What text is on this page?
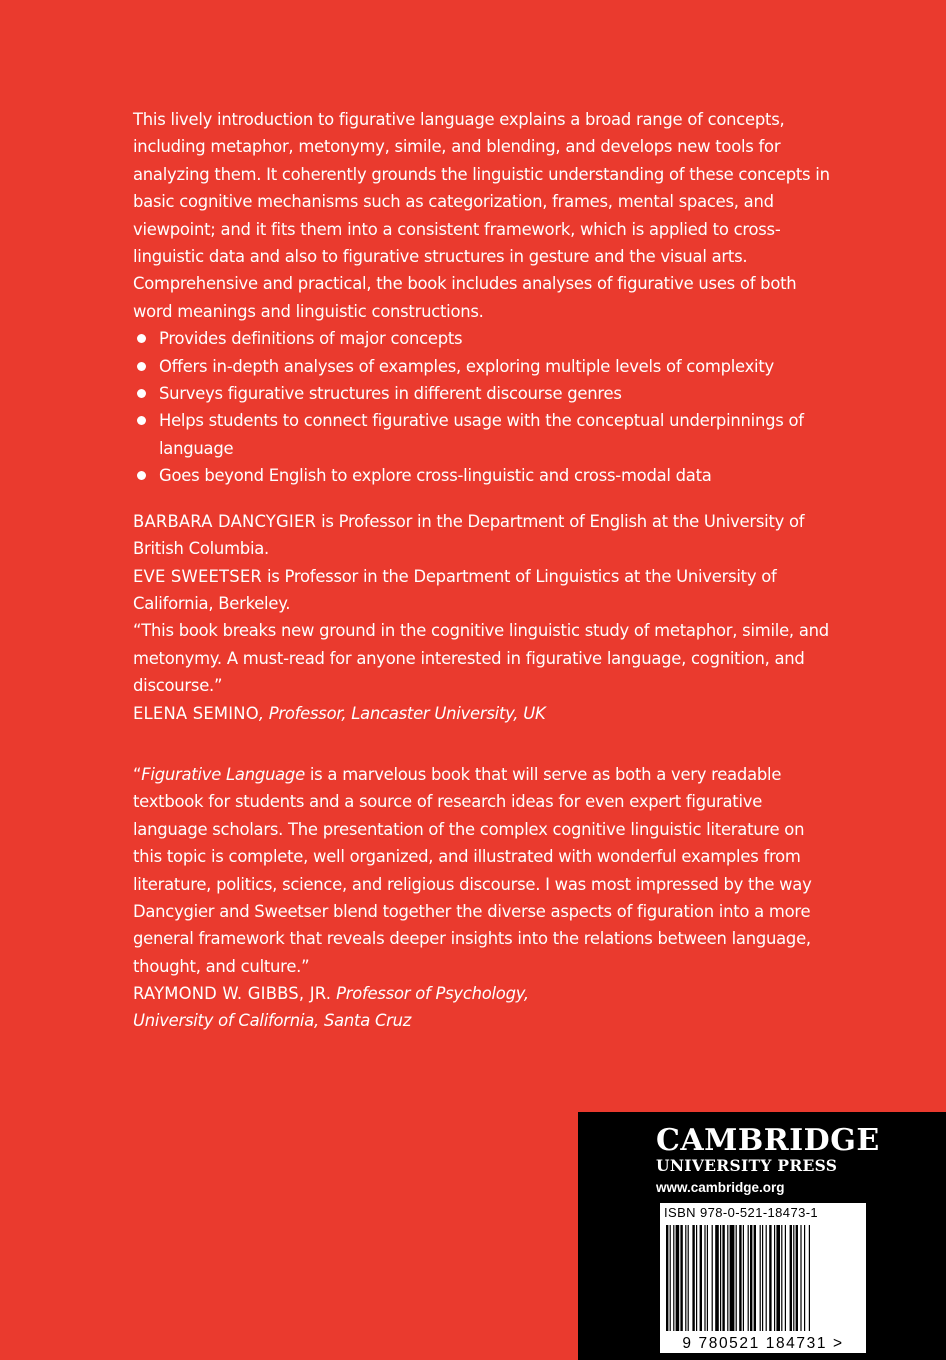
This lively introduction to figurative language explains a broad range of concepts, including metaphor, metonymy, simile, and blending, and develops new tools for analyzing them. It coherently grounds the linguistic understanding of these concepts in basic cognitive mechanisms such as categorization, frames, mental spaces, and viewpoint; and it fits them into a consistent framework, which is applied to cross-linguistic data and also to figurative structures in gesture and the visual arts. Comprehensive and practical, the book includes analyses of figurative uses of both word meanings and linguistic constructions.

Provides definitions of major concepts
Offers in-depth analyses of examples, exploring multiple levels of complexity
Surveys figurative structures in different discourse genres
Helps students to connect figurative usage with the conceptual underpinnings of language
Goes beyond English to explore cross-linguistic and cross-modal data

BARBARA DANCYGIER is Professor in the Department of English at the University of British Columbia.

EVE SWEETSER is Professor in the Department of Linguistics at the University of California, Berkeley.

“This book breaks new ground in the cognitive linguistic study of metaphor, simile, and metonymy. A must-read for anyone interested in figurative language, cognition, and discourse.”

ELENA SEMINO, Professor, Lancaster University, UK

“Figurative Language is a marvelous book that will serve as both a very readable textbook for students and a source of research ideas for even expert figurative language scholars. The presentation of the complex cognitive linguistic literature on this topic is complete, well organized, and illustrated with wonderful examples from literature, politics, science, and religious discourse. I was most impressed by the way Dancygier and Sweetser blend together the diverse aspects of figuration into a more general framework that reveals deeper insights into the relations between language, thought, and culture.”

RAYMOND W. GIBBS, JR. Professor of Psychology,
University of California, Santa Cruz

CAMBRIDGE
UNIVERSITY PRESS
www.cambridge.org
ISBN 978-0-521-18473-1
9 780521 184731 >
